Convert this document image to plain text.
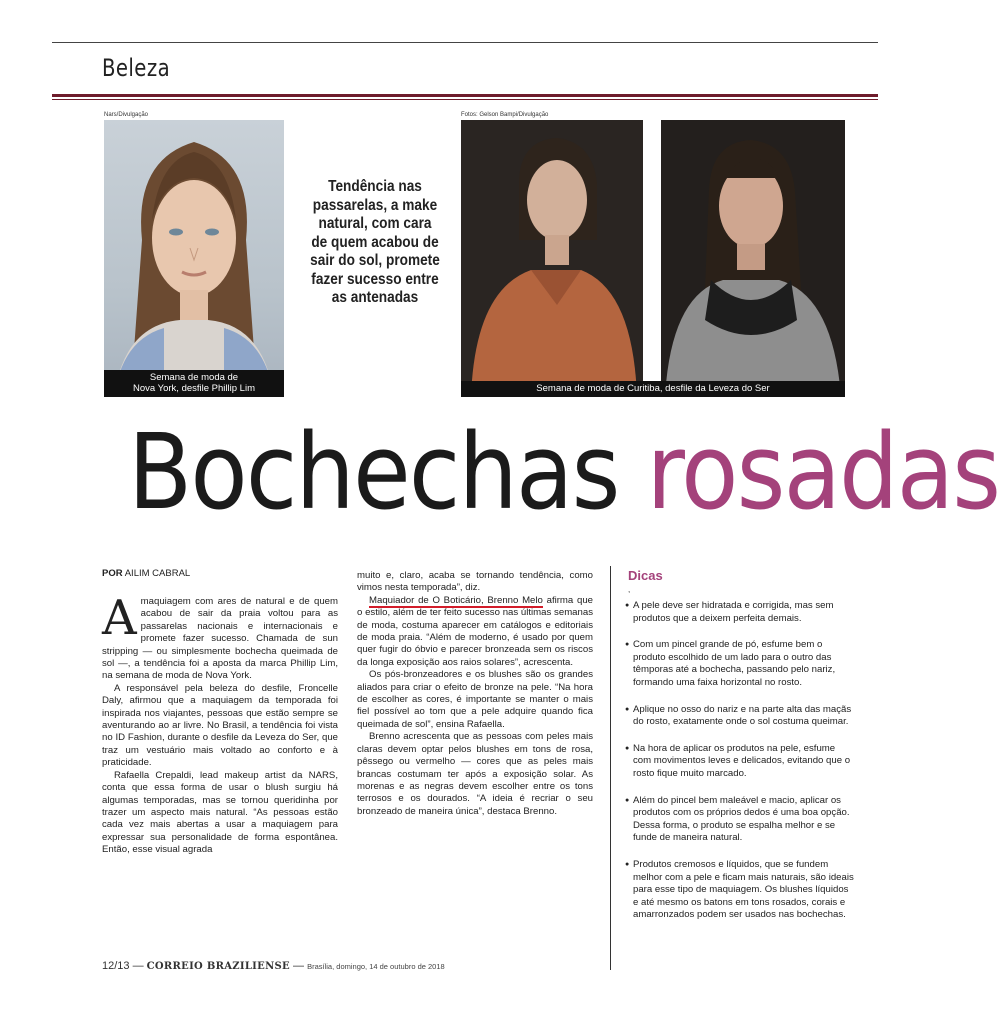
Beleza
Nars/Divulgação	Fotos: Gelson Bampi/Divulgação
Semana de moda de
Nova York, desfile Phillip Lim
Tendência nas passarelas, a make natural, com cara de quem acabou de sair do sol, promete fazer sucesso entre as antenadas
Semana de moda de Curitiba, desfile da Leveza do Ser
Bochechas rosadas
POR AILIM CABRAL

Amaquiagem com ares de natural e de quem acabou de sair da praia voltou para as passarelas nacionais e internacionais e promete fazer sucesso. Chamada de sun stripping — ou simplesmente bochecha queimada de sol —, a tendência foi a aposta da marca Phillip Lim, na semana de moda de Nova York.

A responsável pela beleza do desfile, Froncelle Daly, afirmou que a maquiagem da temporada foi inspirada nos viajantes, pessoas que estão sempre se aventurando ao ar livre. No Brasil, a tendência foi vista no ID Fashion, durante o desfile da Leveza do Ser, que traz um vestuário mais voltado ao conforto e à praticidade.

Rafaella Crepaldi, lead makeup artist da NARS, conta que essa forma de usar o blush surgiu há algumas temporadas, mas se tornou queridinha por trazer um aspecto mais natural. “As pessoas estão cada vez mais abertas a usar a maquiagem para expressar sua personalidade de forma espontânea. Então, esse visual agrada

muito e, claro, acaba se tornando tendência, como vimos nesta temporada”, diz.

Maquiador de O Boticário, Brenno Melo afirma que o estilo, além de ter feito sucesso nas últimas semanas de moda, costuma aparecer em catálogos e editoriais de moda praia. “Além de moderno, é usado por quem quer fugir do óbvio e parecer bronzeada sem os riscos da longa exposição aos raios solares”, acrescenta.

Os pós-bronzeadores e os blushes são os grandes aliados para criar o efeito de bronze na pele. “Na hora de escolher as cores, é importante se manter o mais fiel possível ao tom que a pele adquire quando fica queimada de sol”, ensina Rafaella.

Brenno acrescenta que as pessoas com peles mais claras devem optar pelos blushes em tons de rosa, pêssego ou vermelho — cores que as peles mais brancas costumam ter após a exposição solar. As morenas e as negras devem escolher entre os tons terrosos e os dourados. “A ideia é recriar o seu bronzeado de maneira única”, destaca Brenno.

Dicas
,
● A pele deve ser hidratada e corrigida, mas sem produtos que a deixem perfeita demais.
● Com um pincel grande de pó, esfume bem o produto escolhido de um lado para o outro das têmporas até a bochecha, passando pelo nariz, formando uma faixa horizontal no rosto.
● Aplique no osso do nariz e na parte alta das maçãs do rosto, exatamente onde o sol costuma queimar.
● Na hora de aplicar os produtos na pele, esfume com movimentos leves e delicados, evitando que o rosto fique muito marcado.
● Além do pincel bem maleável e macio, aplicar os produtos com os próprios dedos é uma boa opção. Dessa forma, o produto se espalha melhor e se funde de maneira natural.
● Produtos cremosos e líquidos, que se fundem melhor com a pele e ficam mais naturais, são ideais para esse tipo de maquiagem. Os blushes líquidos e até mesmo os batons em tons rosados, corais e amarronzados podem ser usados nas bochechas.
12/13 — CORREIO BRAZILIENSE — Brasília, domingo, 14 de outubro de 2018
